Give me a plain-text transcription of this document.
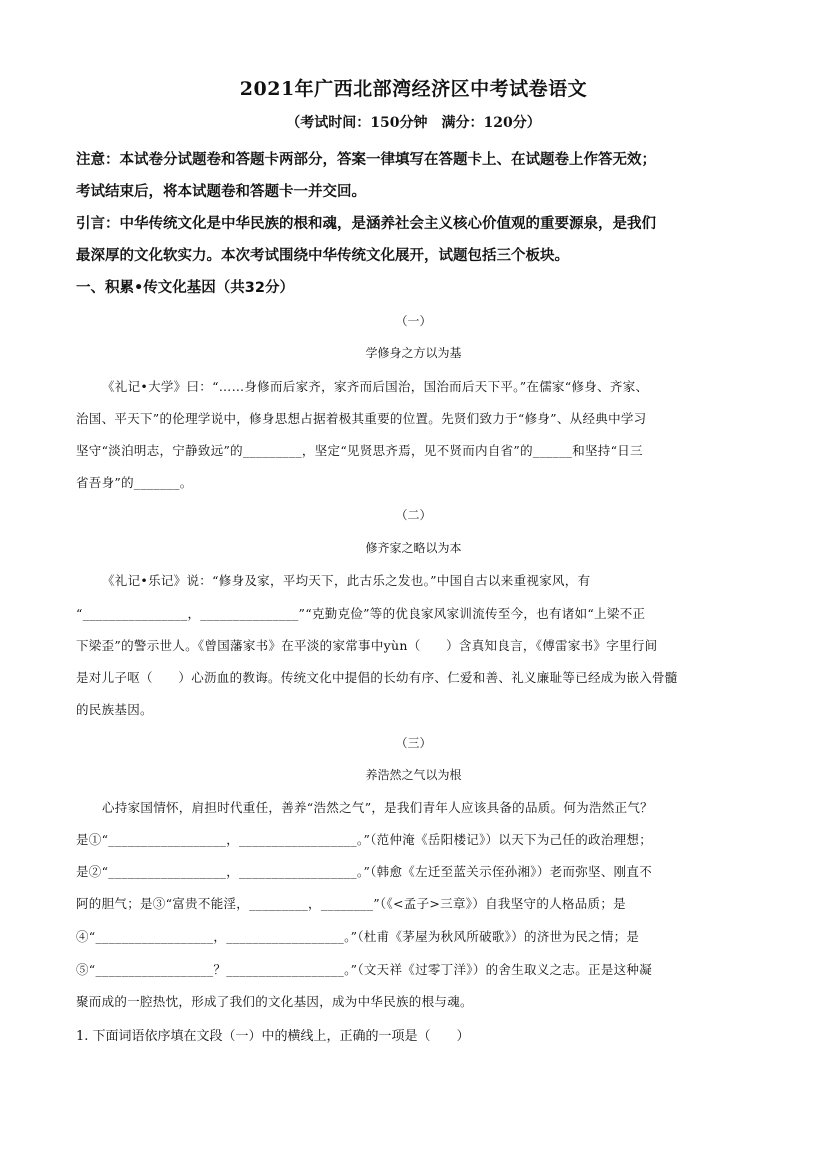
2021年广西北部湾经济区中考试卷语文
（考试时间：150分钟　满分：120分）
注意：本试卷分试题卷和答题卡两部分，答案一律填写在答题卡上、在试题卷上作答无效；
考试结束后，将本试题卷和答题卡一并交回。
引言：中华传统文化是中华民族的根和魂，是涵养社会主义核心价值观的重要源泉，是我们
最深厚的文化软实力。本次考试围绕中华传统文化展开，试题包括三个板块。
一、积累•传文化基因（共32分）
（一）
学修身之方以为基
《礼记•大学》曰：“……身修而后家齐，家齐而后国治，国治而后天下平。”在儒家“修身、齐家、
治国、平天下”的伦理学说中，修身思想占据着极其重要的位置。先贤们致力于“修身”、从经典中学习
坚守“淡泊明志，宁静致远”的_________，坚定“见贤思齐焉，见不贤而内自省”的______和坚持“日三
省吾身”的_______。
（二）
修齐家之略以为本
《礼记•乐记》说：“修身及家，平均天下，此古乐之发也。”中国自古以来重视家风，有
“________________，_______________”“克勤克俭”等的优良家风家训流传至今，也有诸如“上梁不正
下梁歪”的警示世人。《曾国藩家书》在平淡的家常事中yùn（　　）含真知良言，《傅雷家书》字里行间
是对儿子呕（　　）心沥血的教诲。传统文化中提倡的长幼有序、仁爱和善、礼义廉耻等已经成为嵌入骨髓
的民族基因。
（三）
养浩然之气以为根
心持家国情怀，肩担时代重任，善养“浩然之气”，是我们青年人应该具备的品质。何为浩然正气？
是①“__________________，__________________。”（范仲淹《岳阳楼记》）以天下为己任的政治理想；
是②“__________________，__________________。”（韩愈《左迁至蓝关示侄孙湘》）老而弥坚、刚直不
阿的胆气；是③“富贵不能淫，_________，________”（《<孟子>三章》）自我坚守的人格品质；是
④“__________________，__________________。”（杜甫《茅屋为秋风所破歌》）的济世为民之情；是
⑤“__________________？__________________。”（文天祥《过零丁洋》）的舍生取义之志。正是这种凝
聚而成的一腔热忱，形成了我们的文化基因，成为中华民族的根与魂。
1. 下面词语依序填在文段（一）中的横线上，正确的一项是（　　）
